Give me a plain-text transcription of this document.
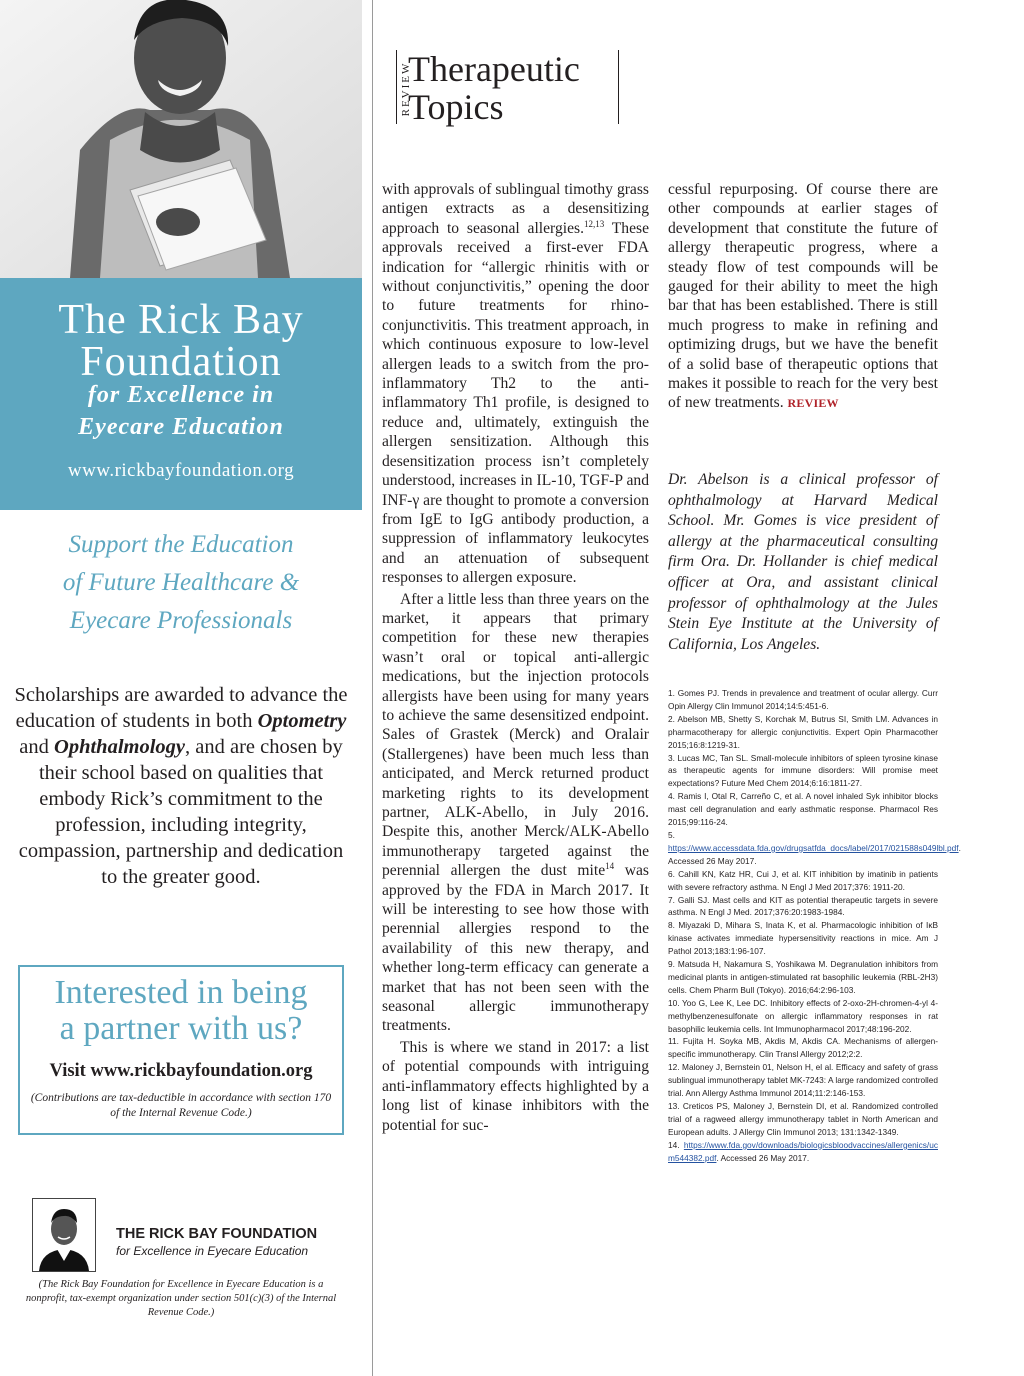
The Rick Bay
Foundation
for Excellence in
Eyecare Education
www.rickbayfoundation.org
Support the Education
of Future Healthcare &
Eyecare Professionals
Scholarships are awarded to advance the education of students in both Optometry and Ophthalmology, and are chosen by their school based on qualities that embody Rick’s commitment to the profession, including integrity, compassion, partnership and dedication to the greater good.
Interested in being
a partner with us?
Visit www.rickbayfoundation.org
(Contributions are tax-deductible in accordance with section 170 of the Internal Revenue Code.)
THE RICK BAY FOUNDATION
for Excellence in Eyecare Education
(The Rick Bay Foundation for Excellence in Eyecare Education is a nonprofit, tax-exempt organization under section 501(c)(3) of the Internal Revenue Code.)
REVIEW
Therapeutic
Topics

with approvals of sublingual timothy grass antigen extracts as a desensitizing approach to seasonal allergies.$^{12,13}$ These approvals received a first-ever FDA indication for “allergic rhinitis with or without conjunctivitis,” opening the door to future treatments for rhino-conjunctivitis. This treatment approach, in which continuous exposure to low-level allergen leads to a switch from the pro-inflammatory Th2 to the anti-inflammatory Th1 profile, is designed to reduce and, ultimately, extinguish the allergen sensitization. Although this desensitization process isn’t completely understood, increases in IL-10, TGF-P and INF-γ are thought to promote a conversion from IgE to IgG antibody production, a suppression of inflammatory leukocytes and an attenuation of subsequent responses to allergen exposure.

After a little less than three years on the market, it appears that primary competition for these new therapies wasn’t oral or topical anti-allergic medications, but the injection protocols allergists have been using for many years to achieve the same desensitized endpoint. Sales of Grastek (Merck) and Oralair (Stallergenes) have been much less than anticipated, and Merck returned product marketing rights to its development partner, ALK-Abello, in July 2016. Despite this, another Merck/ALK-Abello immunotherapy targeted against the perennial allergen the dust mite$^{14}$ was approved by the FDA in March 2017. It will be interesting to see how those with perennial allergies respond to the availability of this new therapy, and whether long-term efficacy can generate a market that has not been seen with the seasonal allergic immunotherapy treatments.

This is where we stand in 2017: a list of potential compounds with intriguing anti-inflammatory effects highlighted by a long list of kinase inhibitors with the potential for suc-

cessful repurposing. Of course there are other compounds at earlier stages of development that constitute the future of allergy therapeutic progress, where a steady flow of test compounds will be gauged for their ability to meet the high bar that has been established. There is still much progress to make in refining and optimizing drugs, but we have the benefit of a solid base of therapeutic options that makes it possible to reach for the very best of new treatments. REVIEW

Dr. Abelson is a clinical professor of ophthalmology at Harvard Medical School. Mr. Gomes is vice president of allergy at the pharmaceutical consulting firm Ora. Dr. Hollander is chief medical officer at Ora, and assistant clinical professor of ophthalmology at the Jules Stein Eye Institute at the University of California, Los Angeles.
1. Gomes PJ. Trends in prevalence and treatment of ocular allergy. Curr Opin Allergy Clin Immunol 2014;14:5:451-6.
2. Abelson MB, Shetty S, Korchak M, Butrus SI, Smith LM. Advances in pharmacotherapy for allergic conjunctivitis. Expert Opin Pharmacother 2015;16:8:1219-31.
3. Lucas MC, Tan SL. Small-molecule inhibitors of spleen tyrosine kinase as therapeutic agents for immune disorders: Will promise meet expectations? Future Med Chem 2014;6:16:1811-27.
4. Ramis I, Otal R, Carreño C, et al. A novel inhaled Syk inhibitor blocks mast cell degranulation and early asthmatic response. Pharmacol Res 2015;99:116-24.
5. https://www.accessdata.fda.gov/drugsatfda_docs/label/2017/021588s049lbl.pdf. Accessed 26 May 2017.
6. Cahill KN, Katz HR, Cui J, et al. KIT inhibition by imatinib in patients with severe refractory asthma. N Engl J Med 2017;376: 1911-20.
7. Galli SJ. Mast cells and KIT as potential therapeutic targets in severe asthma. N Engl J Med. 2017;376:20:1983-1984.
8. Miyazaki D, Mihara S, Inata K, et al. Pharmacologic inhibition of IκB kinase activates immediate hypersensitivity reactions in mice. Am J Pathol 2013;183:1:96-107.
9. Matsuda H, Nakamura S, Yoshikawa M. Degranulation inhibitors from medicinal plants in antigen-stimulated rat basophilic leukemia (RBL-2H3) cells. Chem Pharm Bull (Tokyo). 2016;64:2:96-103.
10. Yoo G, Lee K, Lee DC. Inhibitory effects of 2-oxo-2H-chromen-4-yl 4-methylbenzenesulfonate on allergic inflammatory responses in rat basophilic leukemia cells. Int Immunopharmacol 2017;48:196-202.
11. Fujita H. Soyka MB, Akdis M, Akdis CA. Mechanisms of allergen-specific immunotherapy. Clin Transl Allergy 2012;2:2.
12. Maloney J, Bernstein 01, Nelson H, el al. Efficacy and safety of grass sublingual immunotherapy tablet MK-7243: A large randomized controlled trial. Ann Allergy Asthma Immunol 2014;11:2:146-153.
13. Creticos PS, Maloney J, Bernstein DI, et al. Randomized controlled trial of a ragweed allergy immunotherapy tablet in North American and European adults. J Allergy Clin Immunol 2013; 131:1342-1349.
14. https://www.fda.gov/downloads/biologicsbloodvaccines/allergenics/ucm544382.pdf. Accessed 26 May 2017.
